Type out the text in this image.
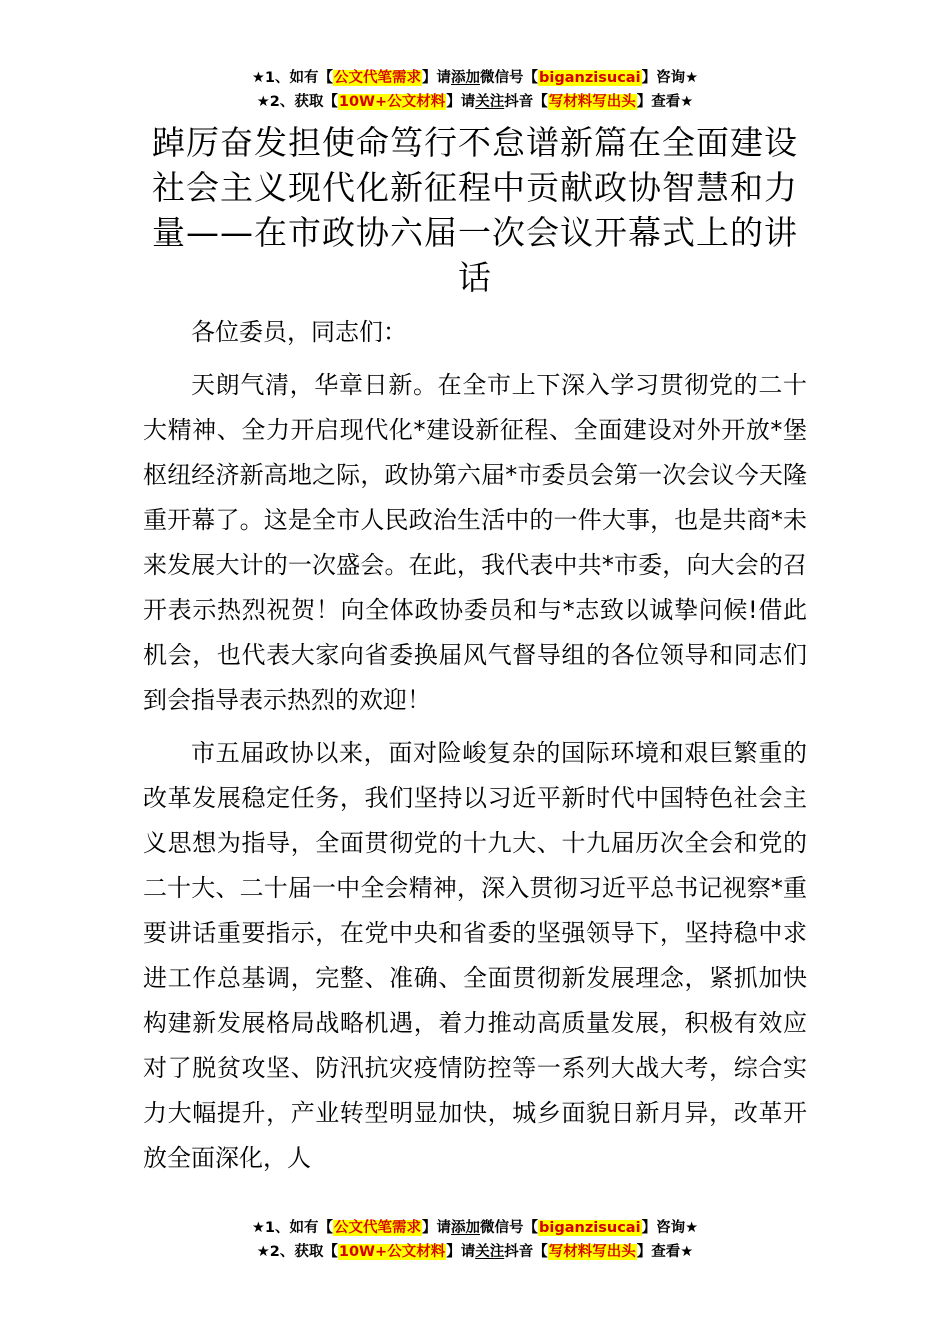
★1、如有【公文代笔需求】请添加微信号【biganzisucai】咨询★
★2、获取【10W+公文材料】请关注抖音【写材料写出头】查看★
踔厉奋发担使命笃行不怠谱新篇在全面建设社会主义现代化新征程中贡献政协智慧和力量——在市政协六届一次会议开幕式上的讲话

各位委员，同志们：

天朗气清，华章日新。在全市上下深入学习贯彻党的二十大精神、全力开启现代化*建设新征程、全面建设对外开放*堡枢纽经济新高地之际，政协第六届*市委员会第一次会议今天隆重开幕了。这是全市人民政治生活中的一件大事，也是共商*未来发展大计的一次盛会。在此，我代表中共*市委，向大会的召开表示热烈祝贺！向全体政协委员和与*志致以诚挚问候!借此机会，也代表大家向省委换届风气督导组的各位领导和同志们到会指导表示热烈的欢迎！

市五届政协以来，面对险峻复杂的国际环境和艰巨繁重的改革发展稳定任务，我们坚持以习近平新时代中国特色社会主义思想为指导，全面贯彻党的十九大、十九届历次全会和党的二十大、二十届一中全会精神，深入贯彻习近平总书记视察*重要讲话重要指示，在党中央和省委的坚强领导下，坚持稳中求进工作总基调，完整、准确、全面贯彻新发展理念，紧抓加快构建新发展格局战略机遇，着力推动高质量发展，积极有效应对了脱贫攻坚、防汛抗灾疫情防控等一系列大战大考，综合实力大幅提升，产业转型明显加快，城乡面貌日新月异，改革开放全面深化，人

★1、如有【公文代笔需求】请添加微信号【biganzisucai】咨询★
★2、获取【10W+公文材料】请关注抖音【写材料写出头】查看★
